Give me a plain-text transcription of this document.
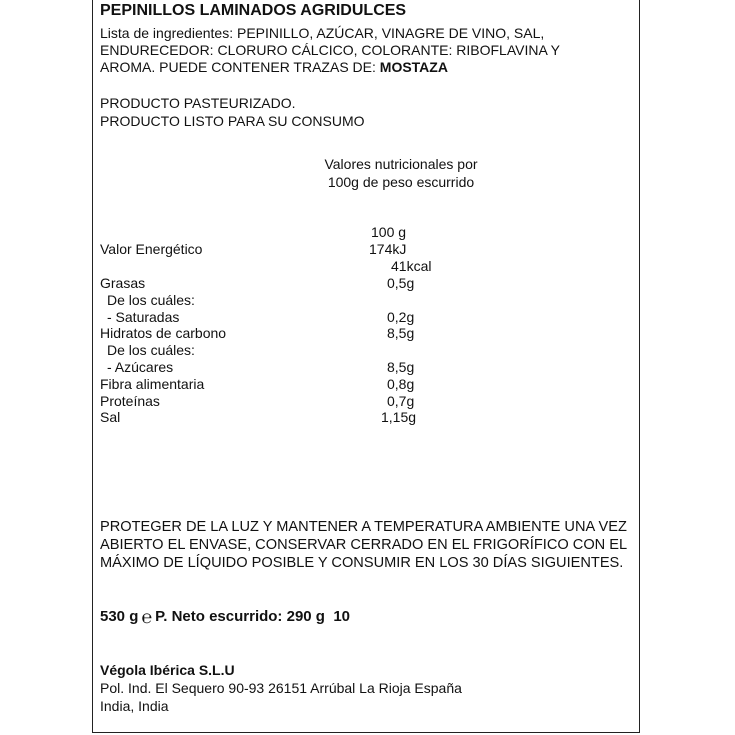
PEPINILLOS LAMINADOS AGRIDULCES
Lista de ingredientes: PEPINILLO, AZÚCAR, VINAGRE DE VINO, SAL,
ENDURECEDOR: CLORURO CÁLCICO, COLORANTE: RIBOFLAVINA Y
AROMA. PUEDE CONTENER TRAZAS DE: MOSTAZA
PRODUCTO PASTEURIZADO.
PRODUCTO LISTO PARA SU CONSUMO
Valores nutricionales por
100g de peso escurrido
100 g
Valor Energético	174kJ
41kcal
Grasas	0,5g
De los cuáles:
- Saturadas	0,2g
Hidratos de carbono	8,5g
De los cuáles:
- Azúcares	8,5g
Fibra alimentaria	0,8g
Proteínas	0,7g
Sal	1,15g
PROTEGER DE LA LUZ Y MANTENER A TEMPERATURA AMBIENTE UNA VEZ
ABIERTO EL ENVASE, CONSERVAR CERRADO EN EL FRIGORÍFICO CON EL
MÁXIMO DE LÍQUIDO POSIBLE Y CONSUMIR EN LOS 30 DÍAS SIGUIENTES.
530 g ℮ P. Neto escurrido: 290 g 10
Végola Ibérica S.L.U
Pol. Ind. El Sequero 90-93 26151 Arrúbal La Rioja España
India, India
